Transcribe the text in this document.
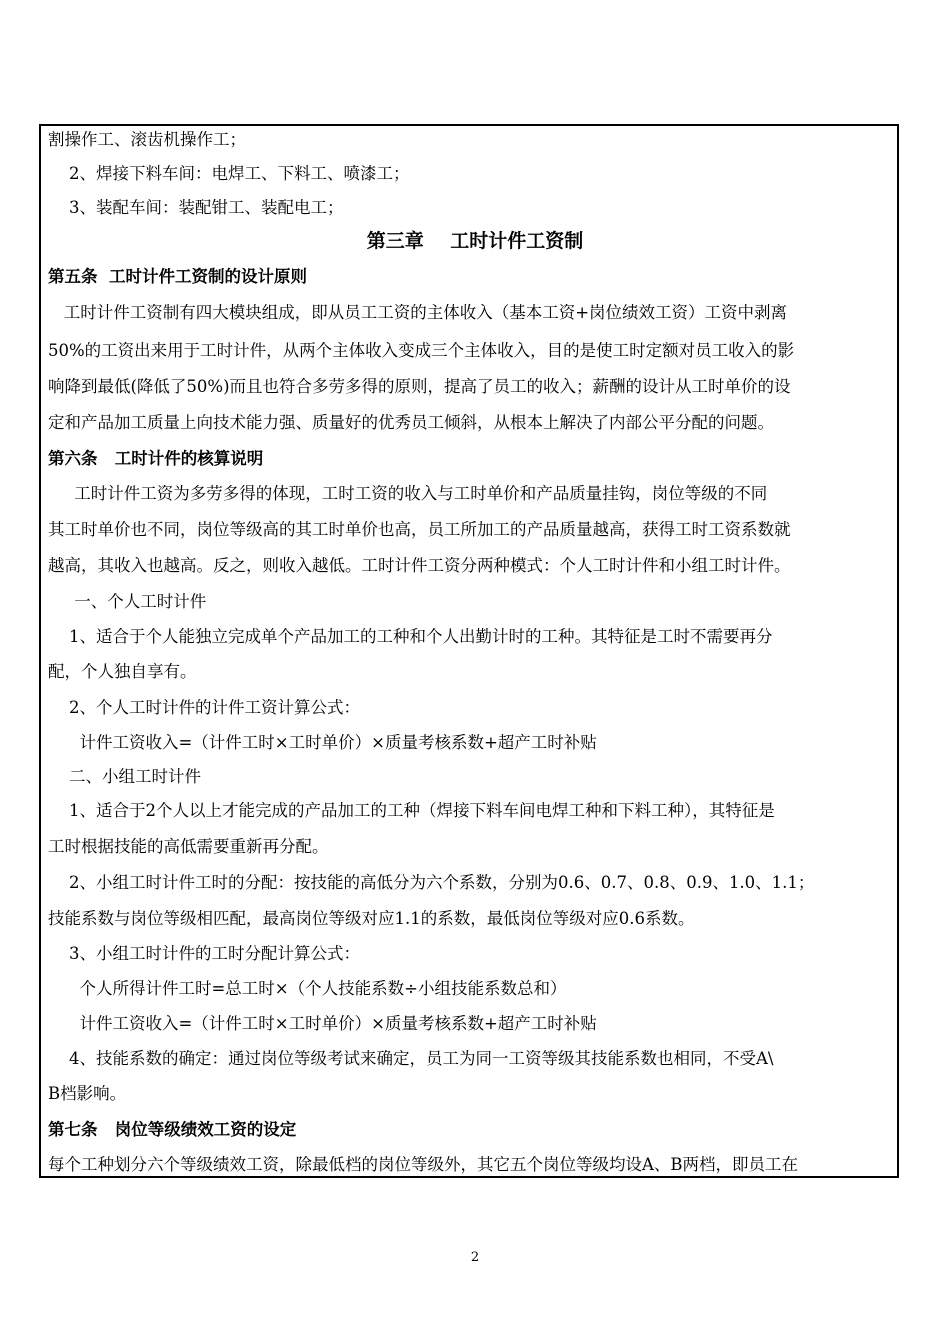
割操作工、滚齿机操作工；
2、焊接下料车间：电焊工、下料工、喷漆工；
3、装配车间：装配钳工、装配电工；
第三章    工时计件工资制
第五条  工时计件工资制的设计原则
工时计件工资制有四大模块组成，即从员工工资的主体收入（基本工资+岗位绩效工资）工资中剥离
50%的工资出来用于工时计件，从两个主体收入变成三个主体收入，目的是使工时定额对员工收入的影
响降到最低(降低了50%)而且也符合多劳多得的原则，提高了员工的收入；薪酬的设计从工时单价的设
定和产品加工质量上向技术能力强、质量好的优秀员工倾斜，从根本上解决了内部公平分配的问题。
第六条   工时计件的核算说明
工时计件工资为多劳多得的体现，工时工资的收入与工时单价和产品质量挂钩，岗位等级的不同
其工时单价也不同，岗位等级高的其工时单价也高，员工所加工的产品质量越高，获得工时工资系数就
越高，其收入也越高。反之，则收入越低。工时计件工资分两种模式：个人工时计件和小组工时计件。
一、个人工时计件
1、适合于个人能独立完成单个产品加工的工种和个人出勤计时的工种。其特征是工时不需要再分
配，个人独自享有。
2、个人工时计件的计件工资计算公式：
计件工资收入=（计件工时×工时单价）×质量考核系数+超产工时补贴
二、小组工时计件
1、适合于2个人以上才能完成的产品加工的工种（焊接下料车间电焊工种和下料工种），其特征是
工时根据技能的高低需要重新再分配。
2、小组工时计件工时的分配：按技能的高低分为六个系数，分别为0.6、0.7、0.8、0.9、1.0、1.1；
技能系数与岗位等级相匹配，最高岗位等级对应1.1的系数，最低岗位等级对应0.6系数。
3、小组工时计件的工时分配计算公式：
个人所得计件工时=总工时×（个人技能系数÷小组技能系数总和）
计件工资收入=（计件工时×工时单价）×质量考核系数+超产工时补贴
4、技能系数的确定：通过岗位等级考试来确定，员工为同一工资等级其技能系数也相同，不受A\
B档影响。
第七条   岗位等级绩效工资的设定
每个工种划分六个等级绩效工资，除最低档的岗位等级外，其它五个岗位等级均设A、B两档，即员工在
2
